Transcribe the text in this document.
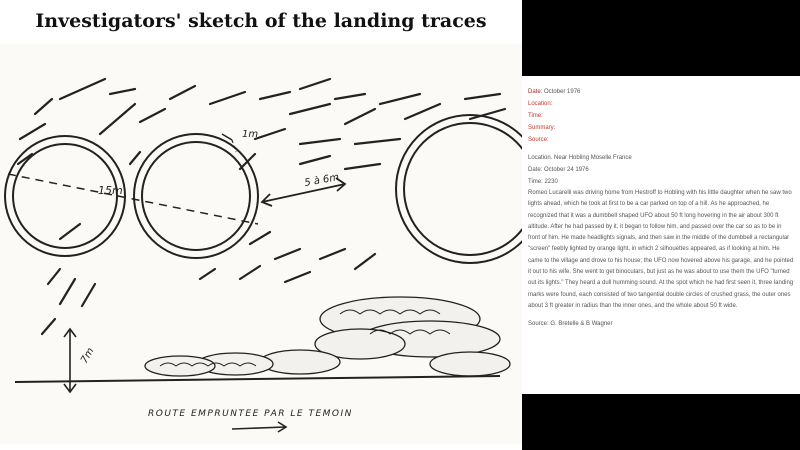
Investigators' sketch of the landing traces
15m
1m
5 à 6m
7m
ROUTE EMPRUNTEE PAR LE TEMOIN
Date: October 1976
Location:
Time:
Summary:
Source:
Location. Near Hobling Moselle France
Date: October 24 1976
Time: 2230
Romeo Lucarelli was driving home from Hestroff to Hobling with his little daughter when he saw two lights ahead, which he took at first to be a car parked on top of a hill. As he approached, he recognized that it was a dumbbell shaped UFO about 50 ft long hovering in the air about 300 ft altitude. After he had passed by it, it began to follow him, and passed over the car so as to be in front of him. He made headlights signals, and then saw in the middle of the dumbbell a rectangular "screen" feebly lighted by orange light, in which 2 silhouettes appeared, as if looking at him. He came to the village and drove to his house; the UFO now hovered above his garage, and he pointed it out to his wife. She went to get binoculars, but just as he was about to use them the UFO "turned out its lights." They heard a dull humming sound. At the spot which he had first seen it, three landing marks were found, each consisted of two tangential double circles of crushed grass, the outer ones about 3 ft greater in radius than the inner ones, and the whole about 50 ft wide.
Source: G. Bretelle & B Wagner
